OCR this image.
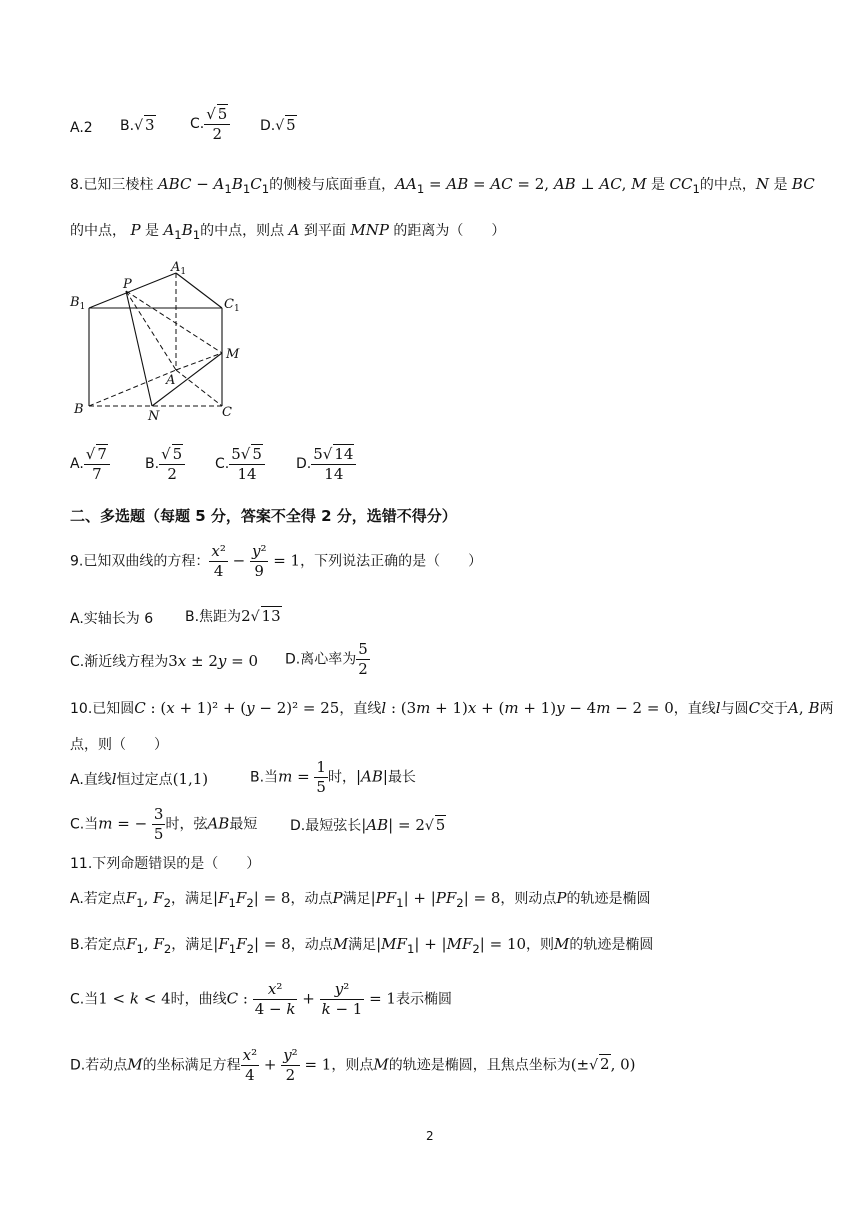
A.2 B.√ 3	C. $\frac{√ 5}{2} D.√$ 5
8.已知三棱柱 ABC − $A_1B_1C_1$的侧棱与底面垂直，$AA_1$ = AB = AC = 2, AB ⊥ AC, M 是 $CC_1$的中点，N 是 BC
的中点， P 是 $A_1B_1$的中点，则点 A 到平面 MNP 的距离为（　　）
$B_1$
$A_1$
$C_1$
P
M
A
B	N	C
A. $\frac{√ 7}{7}$	B. $\frac{√ 5}{2} C$. $\frac{5√ 5}{14} D$. $\frac{5√ 14}{14}$
二、多选题（每题 5 分，答案不全得 2 分，选错不得分）
9.已知双曲线的方程： $\frac{\text{x²}}{4} - \frac{\text{y²}}{9} = 1$，下列说法正确的是（　　）
A.实轴长为 6 B.焦距为2√ 13
C.渐近线方程为3x ± 2y = 0 D.离心率为 $\frac{5}{2}$
10.已知圆C : (x + 1)² + (y − 2)² = 25，直线l : (3m + 1)x + (m + 1)y − 4m − 2 = 0，直线l与圆C交于A, B两
点，则（　　）
A.直线l恒过定点(1,1)	B.当$m = \frac{1}{5}$ 时，|AB|最长
C.当m = − $\frac{3}{5}$ 时，弦AB最短 D.最短弦长|AB| = 2√ 5
11.下列命题错误的是（　　）
A.若定点$F_1$, $F_2$，满足$|F_1F_2| = 8$，动点P满足$|PF_1| + |PF_2| = 8$，则动点P的轨迹是椭圆
B.若定点$F_1$, $F_2$，满足$|F_1F_2| = 8$，动点M满足$|MF_1| + |MF_2| = 10$，则M的轨迹是椭圆
C.当1 < k < 4时，曲线C : $\frac{\text{x²}}{4 - k} + \frac{\text{y²}}{k - 1} = 1$表示椭圆
D.若动点M的坐标满足方程 $\frac{\text{x²}}{4} + \frac{\text{y²}}{2} = 1$，则点M的轨迹是椭圆，且焦点坐标为(±√ 2, 0)
2
